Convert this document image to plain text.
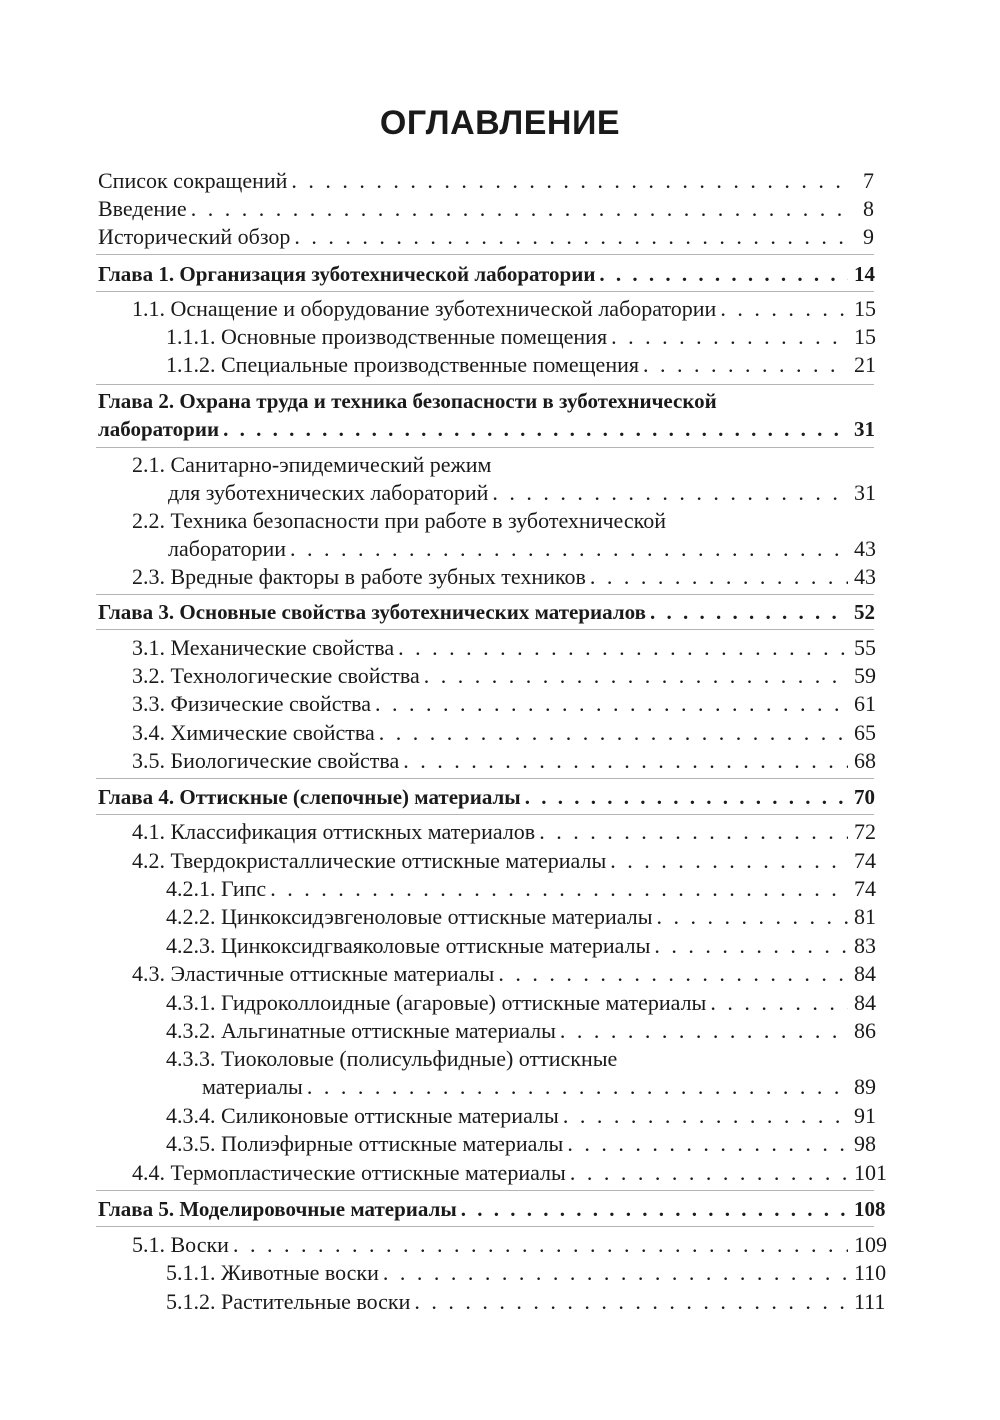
ОГЛАВЛЕНИЕ
Список сокращений . . .	7
Введение . . .	8
Исторический обзор . . .	9
Глава 1. Организация зуботехнической лаборатории . . .	14
1.1. Оснащение и оборудование зуботехнической лаборатории . . .	15
1.1.1. Основные производственные помещения . . .	15
1.1.2. Специальные производственные помещения . . .	21
Глава 2. Охрана труда и техника безопасности в зуботехнической
лаборатории . . .	31
2.1. Санитарно-эпидемический режим
для зуботехнических лабораторий . . .	31
2.2. Техника безопасности при работе в зуботехнической
лаборатории . . .	43
2.3. Вредные факторы в работе зубных техников . . .	43
Глава 3. Основные свойства зуботехнических материалов . . .	52
3.1. Механические свойства . . .	55
3.2. Технологические свойства . . .	59
3.3. Физические свойства . . .	61
3.4. Химические свойства . . .	65
3.5. Биологические свойства . . .	68
Глава 4. Оттискные (слепочные) материалы . . .	70
4.1. Классификация оттискных материалов . . .	72
4.2. Твердокристаллические оттискные материалы . . .	74
4.2.1. Гипс . . .	74
4.2.2. Цинкоксидэвгеноловые оттискные материалы . . .	81
4.2.3. Цинкоксидгваяколовые оттискные материалы . . .	83
4.3. Эластичные оттискные материалы . . .	84
4.3.1. Гидроколлоидные (агаровые) оттискные материалы . . .	84
4.3.2. Альгинатные оттискные материалы . . .	86
4.3.3. Тиоколовые (полисульфидные) оттискные
материалы . . .	89
4.3.4. Силиконовые оттискные материалы . . .	91
4.3.5. Полиэфирные оттискные материалы . . .	98
4.4. Термопластические оттискные материалы . . .	101
Глава 5. Моделировочные материалы . . .	108
5.1. Воски . . .	109
5.1.1. Животные воски . . .	110
5.1.2. Растительные воски . . .	111
